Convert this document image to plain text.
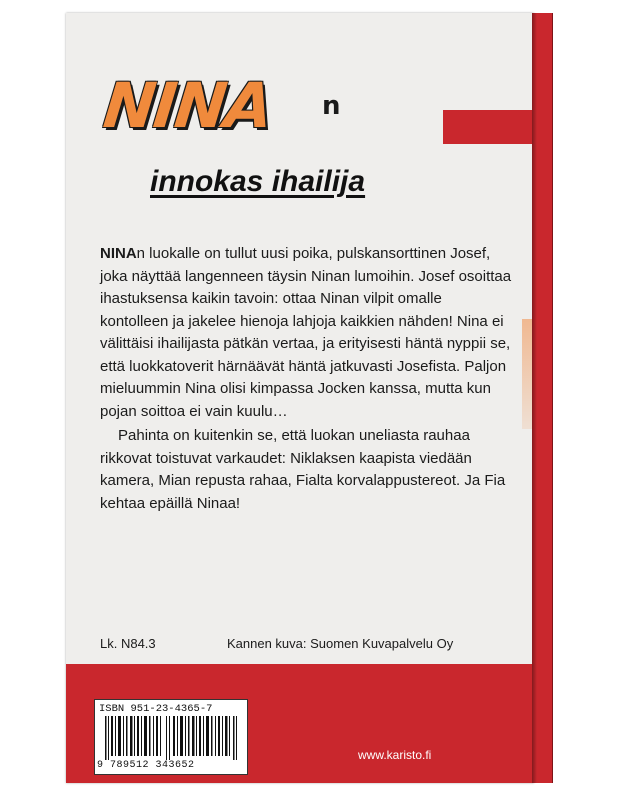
NINA n
innokas ihailija

NINAn luokalle on tullut uusi poika, pulskansorttinen Josef, joka näyttää langenneen täysin Ninan lumoihin. Josef osoittaa ihastuksensa kaikin tavoin: ottaa Ninan vilpit omalle kontolleen ja jakelee hienoja lahjoja kaikkien nähden! Nina ei välittäisi ihailijasta pätkän vertaa, ja erityisesti häntä nyppii se, että luokkatoverit härnäävät häntä jatkuvasti Josefista. Paljon mieluummin Nina olisi kimpassa Jocken kanssa, mutta kun pojan soittoa ei vain kuulu…

Pahinta on kuitenkin se, että luokan uneliasta rauhaa rikkovat toistuvat varkaudet: Niklaksen kaapista viedään kamera, Mian repusta rahaa, Fialta korvalappustereot. Ja Fia kehtaa epäillä Ninaa!

Lk. N84.3	Kannen kuva: Suomen Kuvapalvelu Oy
ISBN 951-23-4365-7
9 789512 343652
www.karisto.fi
